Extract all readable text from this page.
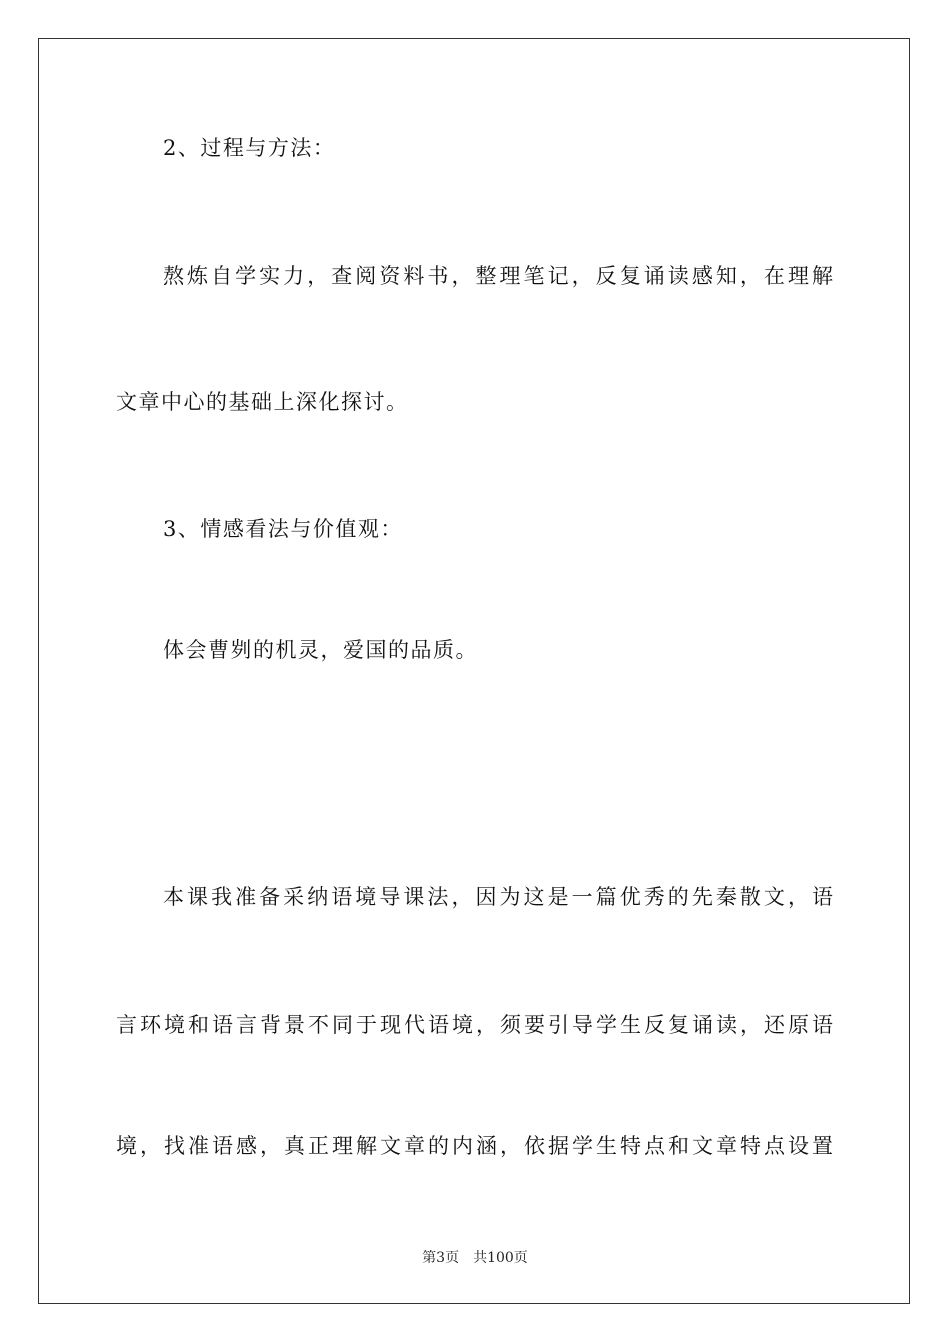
2、过程与方法：
熬炼自学实力，查阅资料书，整理笔记，反复诵读感知，在理解
文章中心的基础上深化探讨。
3、情感看法与价值观：
体会曹刿的机灵，爱国的品质。
本课我准备采纳语境导课法，因为这是一篇优秀的先秦散文，语
言环境和语言背景不同于现代语境，须要引导学生反复诵读，还原语
境，找准语感，真正理解文章的内涵，依据学生特点和文章特点设置
第3页　共100页
